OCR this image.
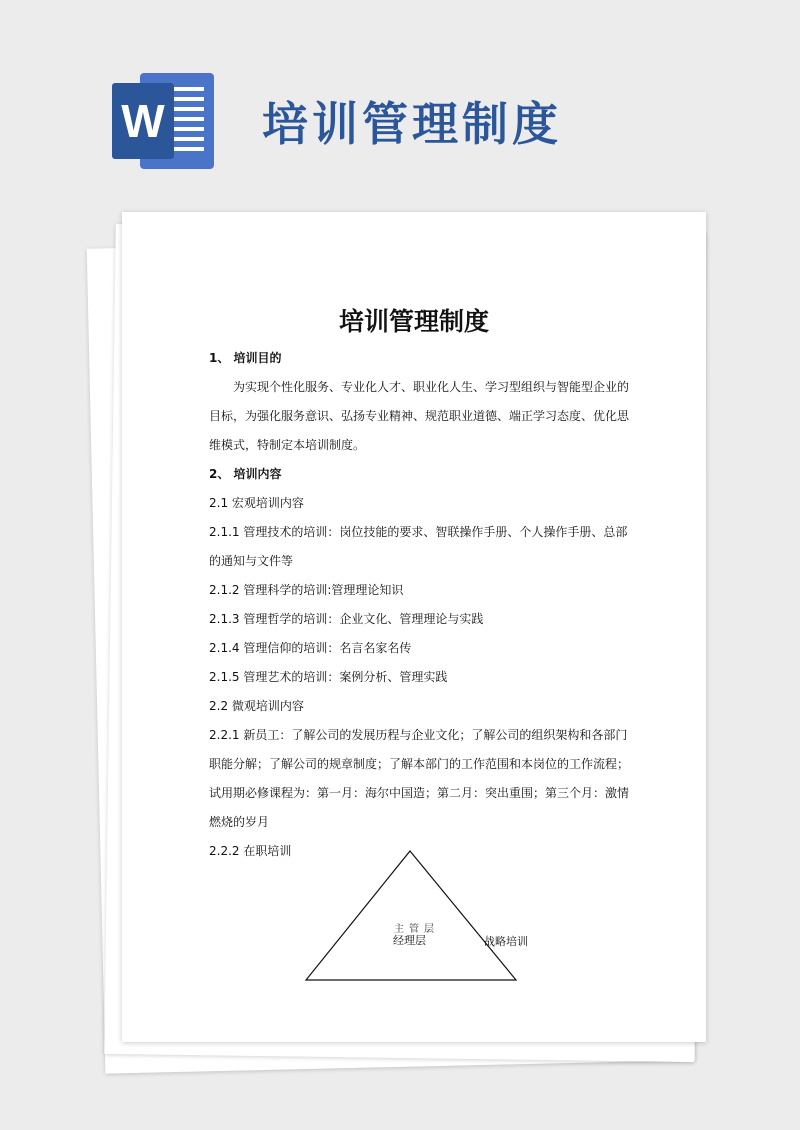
W 培训管理制度
培训管理制度

1、 培训目的

为实现个性化服务、专业化人才、职业化人生、学习型组织与智能型企业的目标，为强化服务意识、弘扬专业精神、规范职业道德、端正学习态度、优化思维模式，特制定本培训制度。

2、 培训内容

2.1 宏观培训内容

2.1.1 管理技术的培训：岗位技能的要求、智联操作手册、个人操作手册、总部的通知与文件等

2.1.2 管理科学的培训:管理理论知识

2.1.3 管理哲学的培训：企业文化、管理理论与实践

2.1.4 管理信仰的培训：名言名家名传

2.1.5 管理艺术的培训：案例分析、管理实践

2.2 微观培训内容

2.2.1 新员工：了解公司的发展历程与企业文化；了解公司的组织架构和各部门职能分解；了解公司的规章制度；了解本部门的工作范围和本岗位的工作流程；试用期必修课程为：第一月：海尔中国造；第二月：突出重围；第三个月：激情燃烧的岁月

2.2.2 在职培训

主管层
经理层	战略培训
